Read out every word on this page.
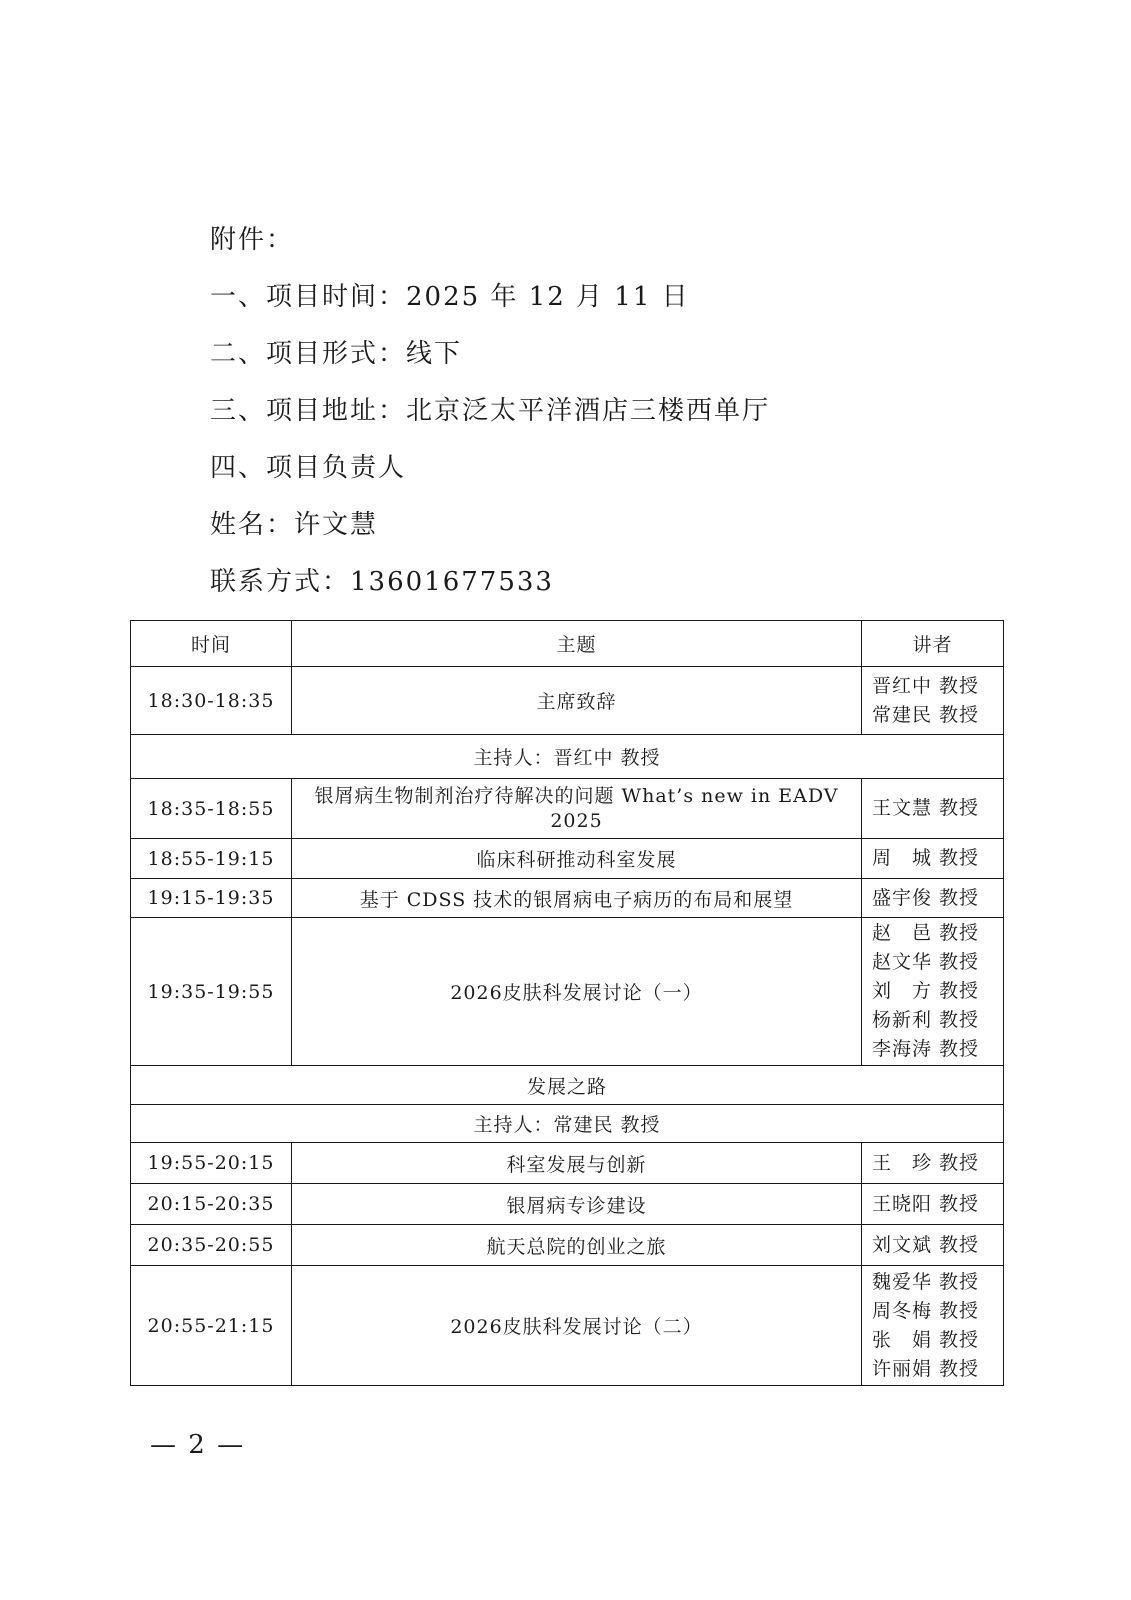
附件：
一、项目时间：2025 年 12 月 11 日
二、项目形式：线下
三、项目地址：北京泛太平洋酒店三楼西单厅
四、项目负责人
姓名：许文慧
联系方式：13601677533
时间	主题	讲者
18:30-18:35	主席致辞	晋红中 教授
常建民 教授

主持人：晋红中 教授		
18:35-18:55	银屑病生物制剂治疗待解决的问题 What’s new in EADV 2025	王文慧 教授

18:55-19:15	临床科研推动科室发展	周　城 教授

19:15-19:35	基于 CDSS 技术的银屑病电子病历的布局和展望	盛宇俊 教授

19:35-19:55	2026皮肤科发展讨论（一）	赵　邑 教授
赵文华 教授
刘　方 教授
杨新利 教授
李海涛 教授

发展之路		
主持人：常建民 教授		
19:55-20:15	科室发展与创新	王　珍 教授

20:15-20:35	银屑病专诊建设	王晓阳 教授

20:35-20:55	航天总院的创业之旅	刘文斌 教授

20:55-21:15	2026皮肤科发展讨论（二）	魏爱华 教授
周冬梅 教授
张　娟 教授
许丽娟 教授
— 2 —
